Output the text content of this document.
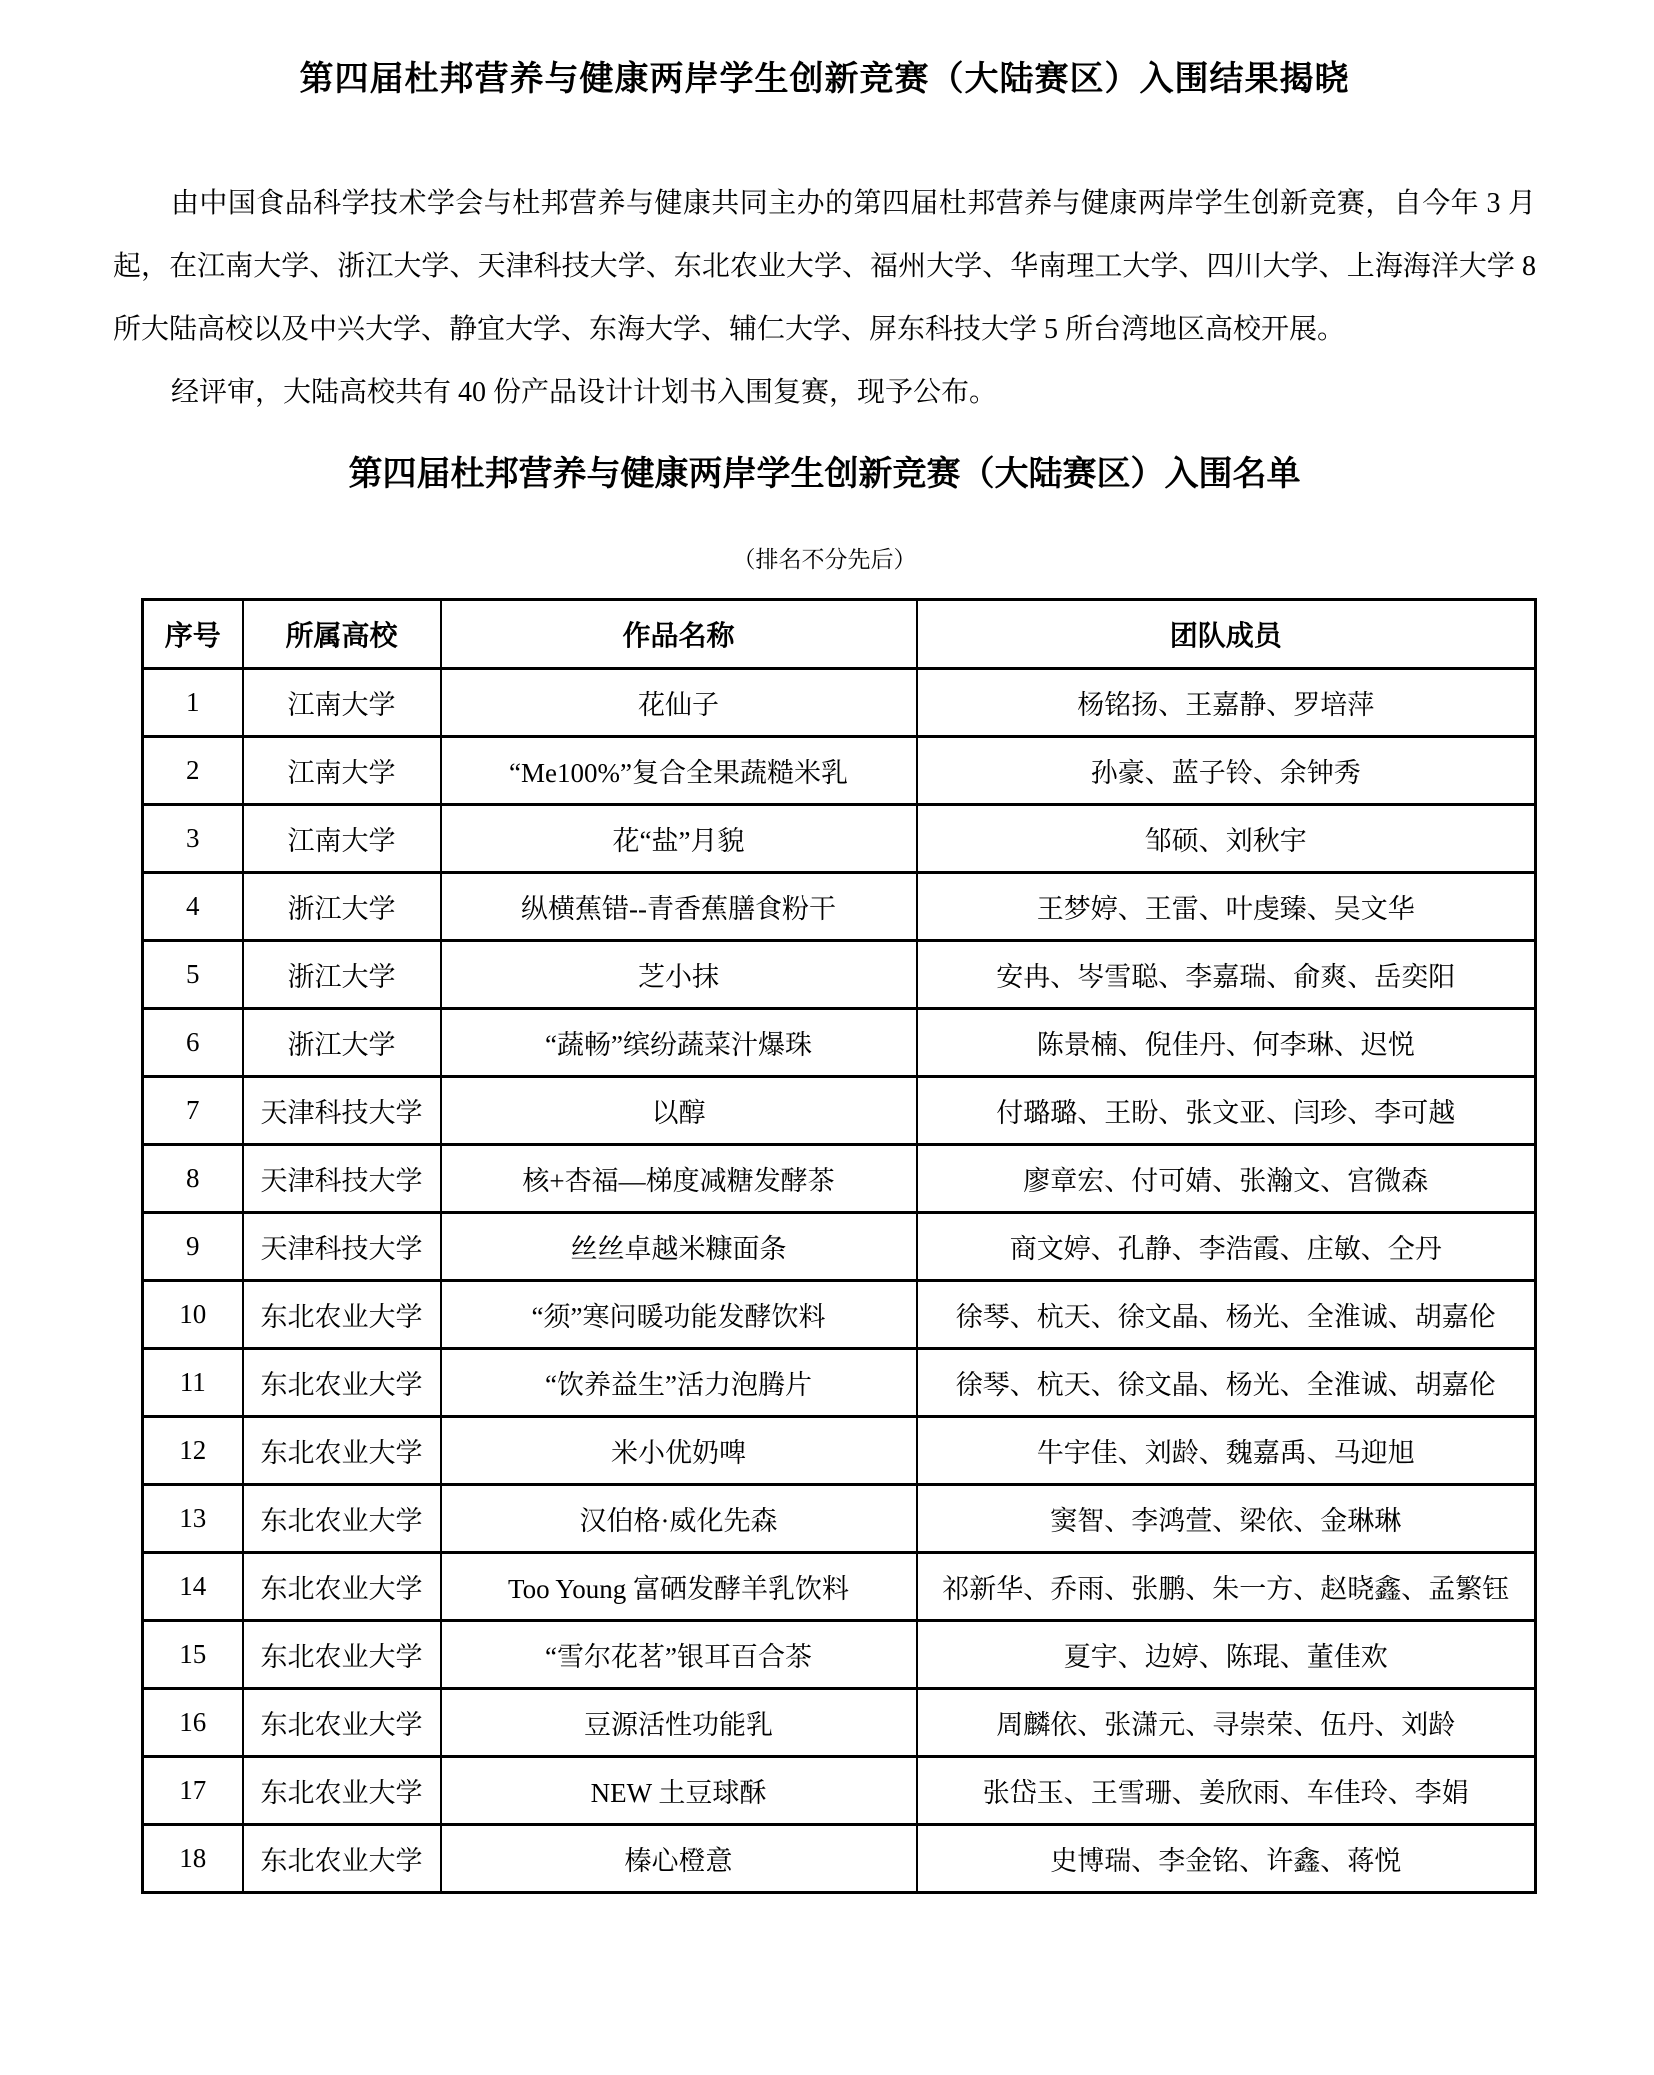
第四届杜邦营养与健康两岸学生创新竞赛（大陆赛区）入围结果揭晓

由中国食品科学技术学会与杜邦营养与健康共同主办的第四届杜邦营养与健康两岸学生创新竞赛，自今年 3 月起，在江南大学、浙江大学、天津科技大学、东北农业大学、福州大学、华南理工大学、四川大学、上海海洋大学 8 所大陆高校以及中兴大学、静宜大学、东海大学、辅仁大学、屏东科技大学 5 所台湾地区高校开展。

经评审，大陆高校共有 40 份产品设计计划书入围复赛，现予公布。

第四届杜邦营养与健康两岸学生创新竞赛（大陆赛区）入围名单
（排名不分先后）
序号	所属高校	作品名称	团队成员
1	江南大学	花仙子	杨铭扬、王嘉静、罗培萍
2	江南大学	“Me100%”复合全果蔬糙米乳	孙豪、蓝子铃、余钟秀
3	江南大学	花“盐”月貌	邹硕、刘秋宇
4	浙江大学	纵横蕉错--青香蕉膳食粉干	王梦婷、王雷、叶虔臻、吴文华
5	浙江大学	芝小抹	安冉、岑雪聪、李嘉瑞、俞爽、岳奕阳
6	浙江大学	“蔬畅”缤纷蔬菜汁爆珠	陈景楠、倪佳丹、何李琳、迟悦
7	天津科技大学	以醇	付璐璐、王盼、张文亚、闫珍、李可越
8	天津科技大学	核+杏福—梯度减糖发酵茶	廖章宏、付可婧、张瀚文、宫微森
9	天津科技大学	丝丝卓越米糠面条	商文婷、孔静、李浩霞、庄敏、仝丹
10	东北农业大学	“须”寒问暖功能发酵饮料	徐琴、杭天、徐文晶、杨光、全淮诚、胡嘉伦
11	东北农业大学	“饮养益生”活力泡腾片	徐琴、杭天、徐文晶、杨光、全淮诚、胡嘉伦
12	东北农业大学	米小优奶啤	牛宇佳、刘龄、魏嘉禹、马迎旭
13	东北农业大学	汉伯格·威化先森	窦智、李鸿萱、梁依、金琳琳
14	东北农业大学	Too Young 富硒发酵羊乳饮料	祁新华、乔雨、张鹏、朱一方、赵晓鑫、孟繁钰
15	东北农业大学	“雪尔花茗”银耳百合茶	夏宇、边婷、陈琨、董佳欢
16	东北农业大学	豆源活性功能乳	周麟依、张潇元、寻崇荣、伍丹、刘龄
17	东北农业大学	NEW 土豆球酥	张岱玉、王雪珊、姜欣雨、车佳玲、李娟
18	东北农业大学	榛心橙意	史博瑞、李金铭、许鑫、蒋悦
